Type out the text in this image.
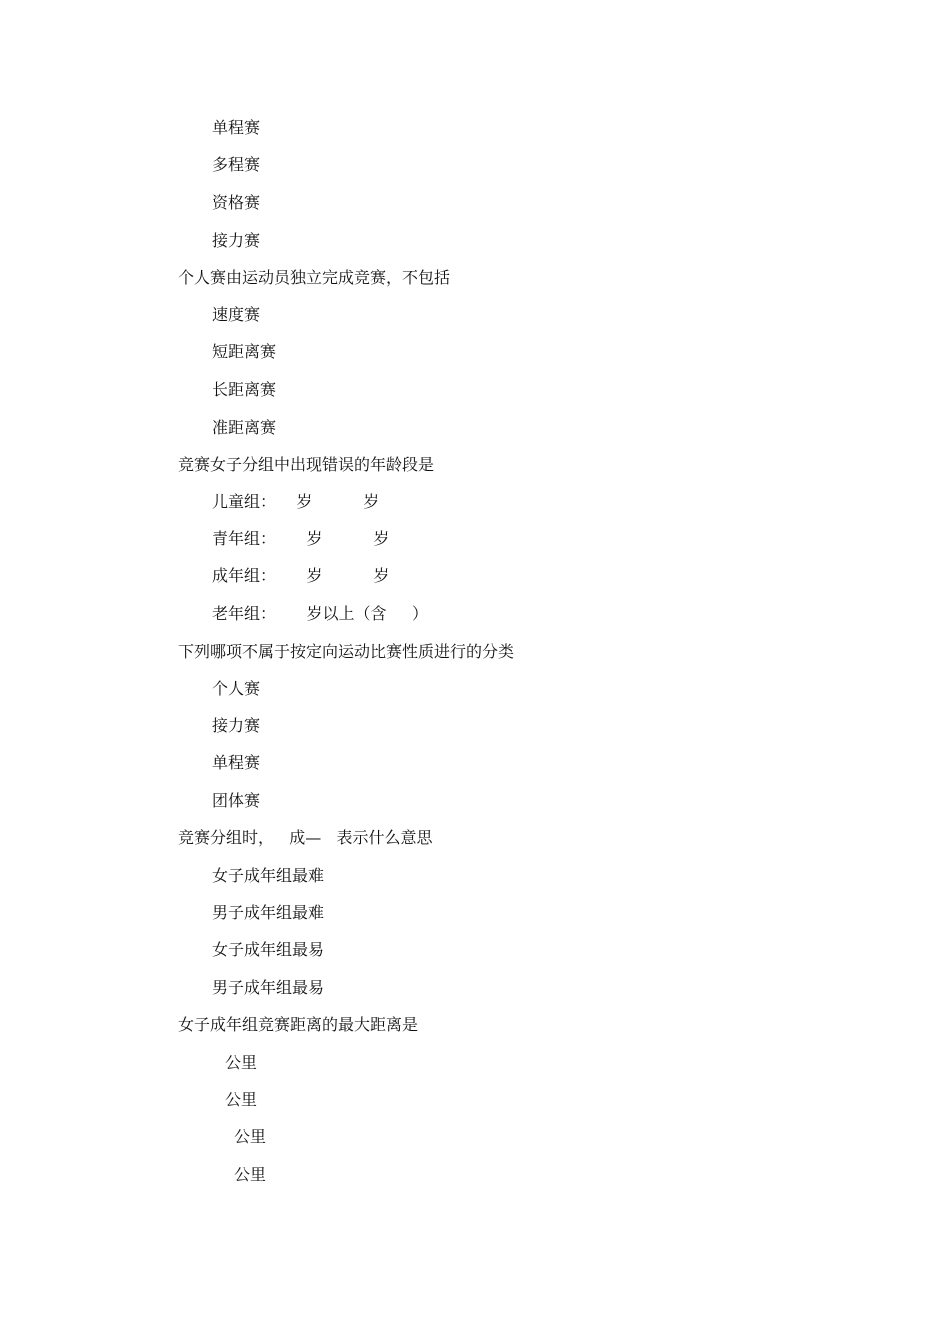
单程赛
多程赛
资格赛
接力赛
个人赛由运动员独立完成竞赛，不包括
速度赛
短距离赛
长距离赛
准距离赛
竞赛女子分组中出现错误的年龄段是
儿童组：    岁          岁
青年组：      岁          岁
成年组：      岁          岁
老年组：      岁以上（含     ）
下列哪项不属于按定向运动比赛性质进行的分类
个人赛
接力赛
单程赛
团体赛
竞赛分组时，   成—   表示什么意思
女子成年组最难
男子成年组最难
女子成年组最易
男子成年组最易
女子成年组竞赛距离的最大距离是
公里
公里
公里
公里
